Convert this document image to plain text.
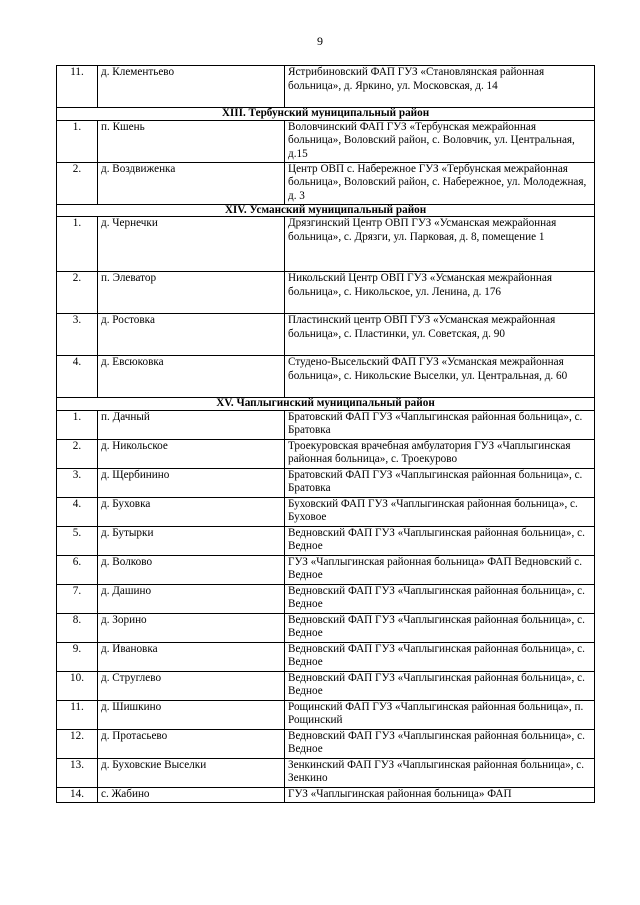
9
11.	д. Клементьево	Ястрибиновский ФАП ГУЗ «Становлянская районная больница», д. Яркино, ул. Московская, д. 14
XIII. Тербунский муниципальный район		
1.	п. Кшень	Воловчинский ФАП ГУЗ «Тербунская межрайонная больница», Воловский район, с. Воловчик, ул. Центральная, д.15
2.	д. Воздвиженка	Центр ОВП с. Набережное ГУЗ «Тербунская межрайонная больница», Воловский район, с. Набережное, ул. Молодежная, д. 3
XIV. Усманский муниципальный район		
1.	д. Чернечки	Дрязгинский Центр ОВП ГУЗ «Усманская межрайонная больница», с. Дрязги, ул. Парковая, д. 8, помещение 1
2.	п. Элеватор	Никольский Центр ОВП ГУЗ «Усманская межрайонная больница», с. Никольское, ул. Ленина, д. 176
3.	д. Ростовка	Пластинский центр ОВП ГУЗ «Усманская межрайонная больница», с. Пластинки, ул. Советская, д. 90
4.	д. Евсюковка	Студено-Высельский ФАП ГУЗ «Усманская межрайонная больница», с. Никольские Выселки, ул. Центральная, д. 60
XV. Чаплыгинский муниципальный район		
1.	п. Дачный	Братовский ФАП ГУЗ «Чаплыгинская районная больница», с. Братовка
2.	д. Никольское	Троекуровская врачебная амбулатория ГУЗ «Чаплыгинская районная больница», с. Троекурово
3.	д. Щербинино	Братовский ФАП ГУЗ «Чаплыгинская районная больница», с. Братовка
4.	д. Буховка	Буховский ФАП ГУЗ «Чаплыгинская районная больница», с. Буховое
5.	д. Бутырки	Ведновский ФАП ГУЗ «Чаплыгинская районная больница», с. Ведное
6.	д. Волково	ГУЗ «Чаплыгинская районная больница» ФАП Ведновский с. Ведное
7.	д. Дашино	Ведновский ФАП ГУЗ «Чаплыгинская районная больница», с. Ведное
8.	д. Зорино	Ведновский ФАП ГУЗ «Чаплыгинская районная больница», с. Ведное
9.	д. Ивановка	Ведновский ФАП ГУЗ «Чаплыгинская районная больница», с. Ведное
10.	д. Струглево	Ведновский ФАП ГУЗ «Чаплыгинская районная больница», с. Ведное
11.	д. Шишкино	Рощинский ФАП ГУЗ «Чаплыгинская районная больница», п. Рощинский
12.	д. Протасьево	Ведновский ФАП ГУЗ «Чаплыгинская районная больница», с. Ведное
13.	д. Буховские Выселки	Зенкинский ФАП ГУЗ «Чаплыгинская районная больница», с. Зенкино
14.	с. Жабино	ГУЗ «Чаплыгинская районная больница» ФАП
